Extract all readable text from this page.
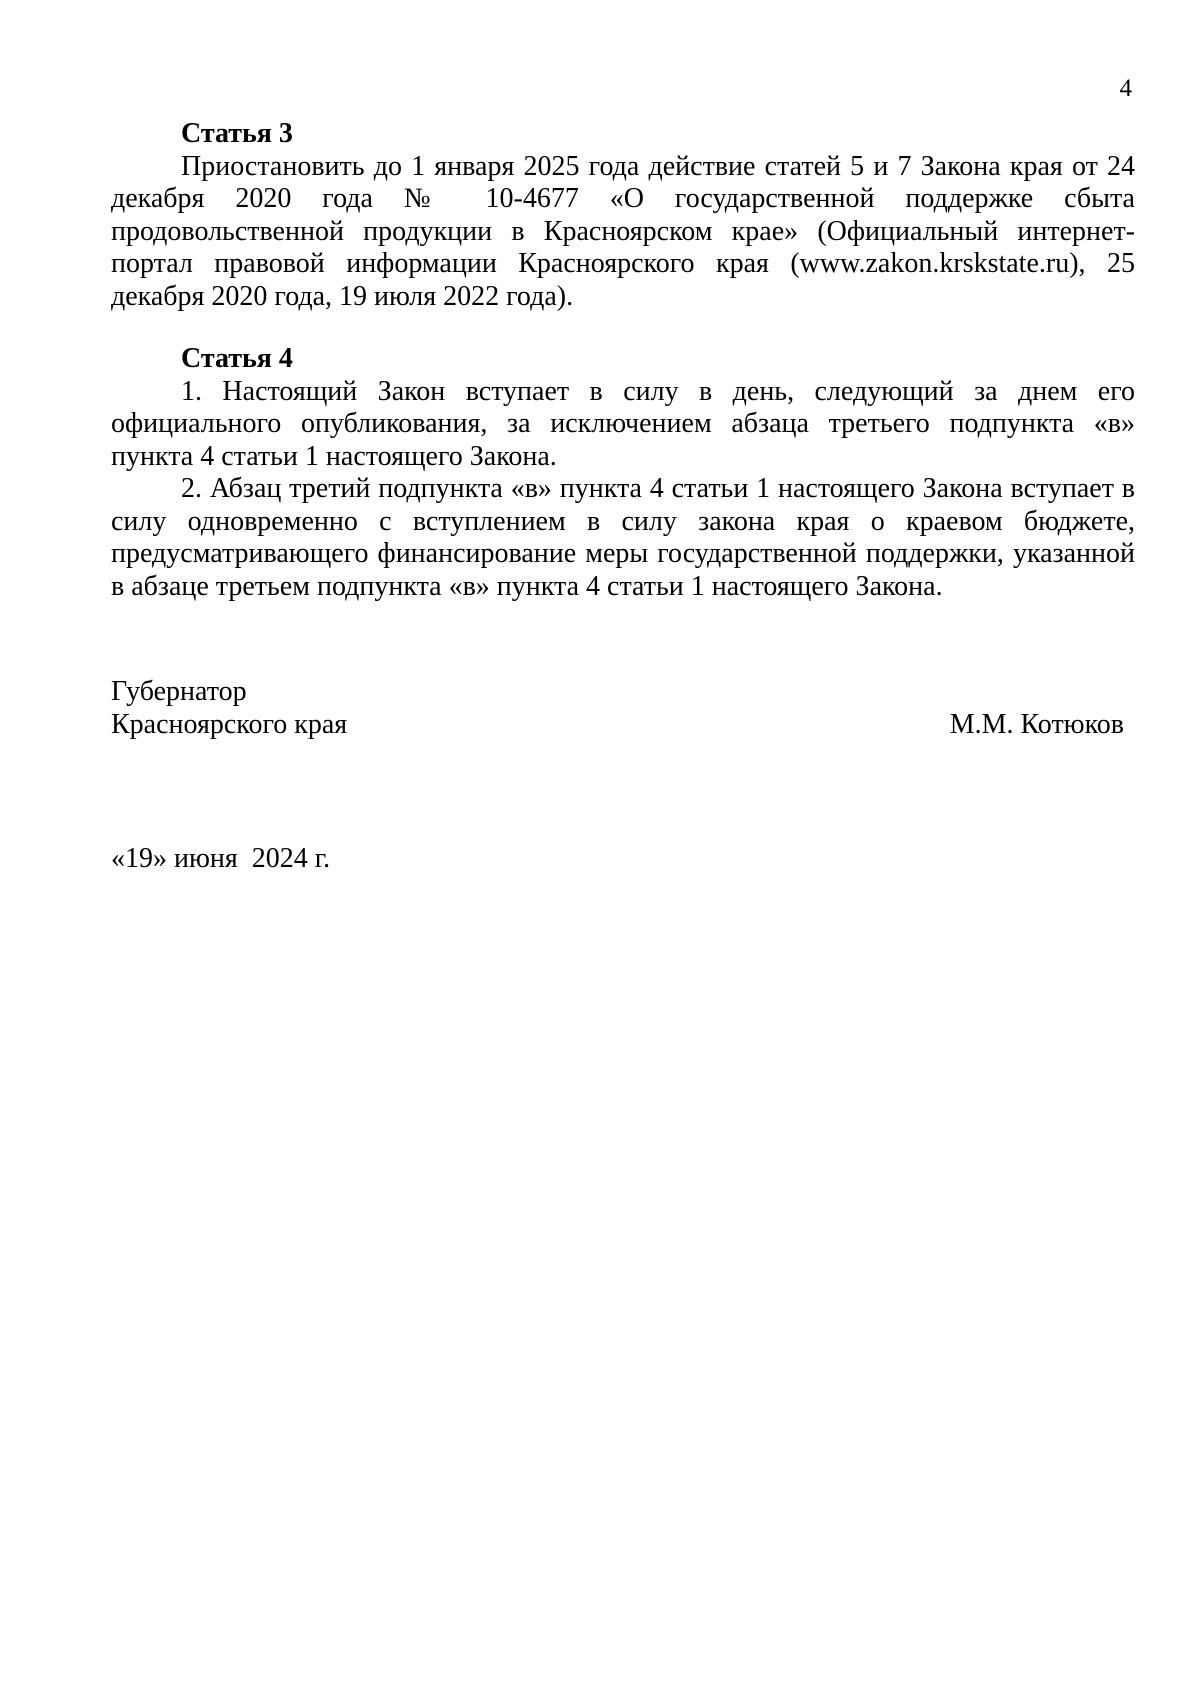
4

Статья 3

Приостановить до 1 января 2025 года действие статей 5 и 7 Закона края от 24 декабря 2020 года № 10-4677 «О государственной поддержке сбыта продовольственной продукции в Красноярском крае» (Официальный интернет-портал правовой информации Красноярского края (www.zakon.krskstate.ru), 25 декабря 2020 года, 19 июля 2022 года).

Статья 4

1. Настоящий Закон вступает в силу в день, следующий за днем его официального опубликования, за исключением абзаца третьего подпункта «в» пункта 4 статьи 1 настоящего Закона.

2. Абзац третий подпункта «в» пункта 4 статьи 1 настоящего Закона вступает в силу одновременно с вступлением в силу закона края о краевом бюджете, предусматривающего финансирование меры государственной поддержки, указанной в абзаце третьем подпункта «в» пункта 4 статьи 1 настоящего Закона.

Губернатор
Красноярского края	М.М. Котюков
«19» июня  2024 г.
